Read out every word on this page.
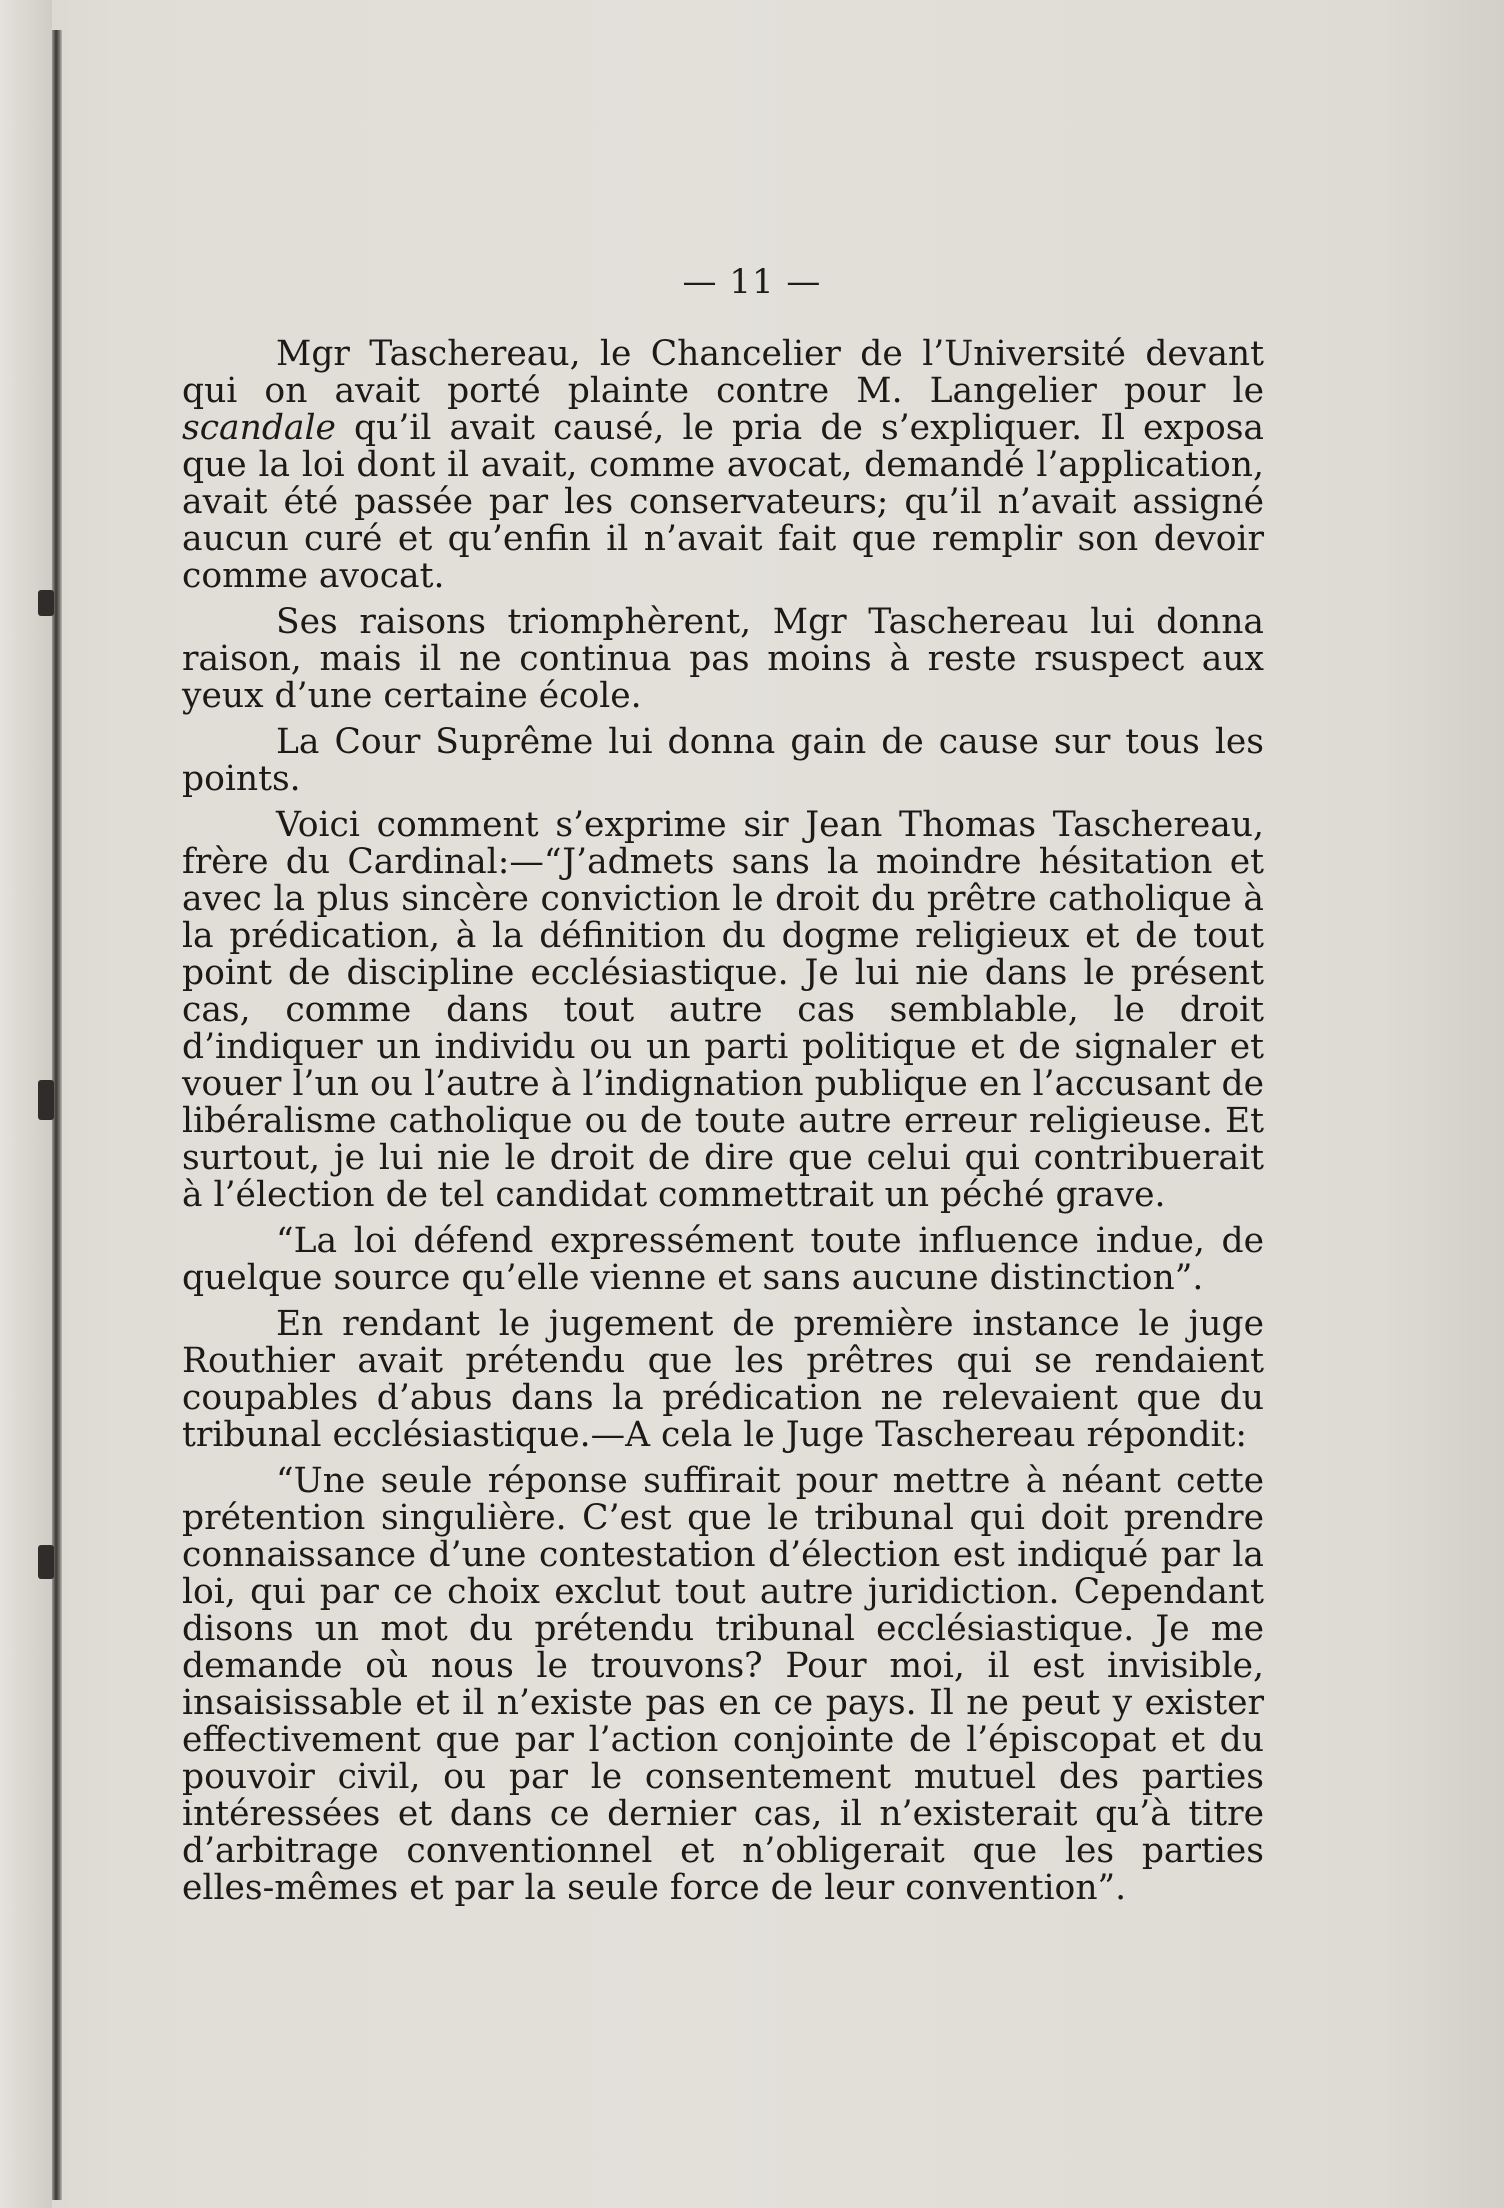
— 11 —

Mgr Taschereau, le Chancelier de l’Université devant qui on avait porté plainte contre M. Langelier pour le scandale qu’il avait causé, le pria de s’expliquer. Il exposa que la loi dont il avait, comme avocat, demandé l’application, avait été passée par les conservateurs; qu’il n’avait assigné aucun curé et qu’enfin il n’avait fait que remplir son devoir comme avocat.

Ses raisons triomphèrent, Mgr Taschereau lui donna raison, mais il ne continua pas moins à reste rsuspect aux yeux d’une certaine école.

La Cour Suprême lui donna gain de cause sur tous les points.

Voici comment s’exprime sir Jean Thomas Taschereau, frère du Cardinal:—“J’admets sans la moindre hésitation et avec la plus sincère conviction le droit du prêtre catholique à la prédication, à la définition du dogme religieux et de tout point de discipline ecclésiastique. Je lui nie dans le présent cas, comme dans tout autre cas semblable, le droit d’indiquer un individu ou un parti politique et de signaler et vouer l’un ou l’autre à l’indignation publique en l’accusant de libéralisme catholique ou de toute autre erreur religieuse. Et surtout, je lui nie le droit de dire que celui qui contribuerait à l’élection de tel candidat commettrait un péché grave.

“La loi défend expressément toute influence indue, de quelque source qu’elle vienne et sans aucune distinction”.

En rendant le jugement de première instance le juge Routhier avait prétendu que les prêtres qui se rendaient coupables d’abus dans la prédication ne relevaient que du tribunal ecclésiastique.—A cela le Juge Taschereau répondit:

“Une seule réponse suffirait pour mettre à néant cette prétention singulière. C’est que le tribunal qui doit prendre connaissance d’une contestation d’élection est indiqué par la loi, qui par ce choix exclut tout autre juridiction. Cependant disons un mot du prétendu tribunal ecclésiastique. Je me demande où nous le trouvons? Pour moi, il est invisible, insaisissable et il n’existe pas en ce pays. Il ne peut y exister effectivement que par l’action conjointe de l’épiscopat et du pouvoir civil, ou par le consentement mutuel des parties intéressées et dans ce dernier cas, il n’existerait qu’à titre d’arbitrage conventionnel et n’obligerait que les parties elles-mêmes et par la seule force de leur convention”.
